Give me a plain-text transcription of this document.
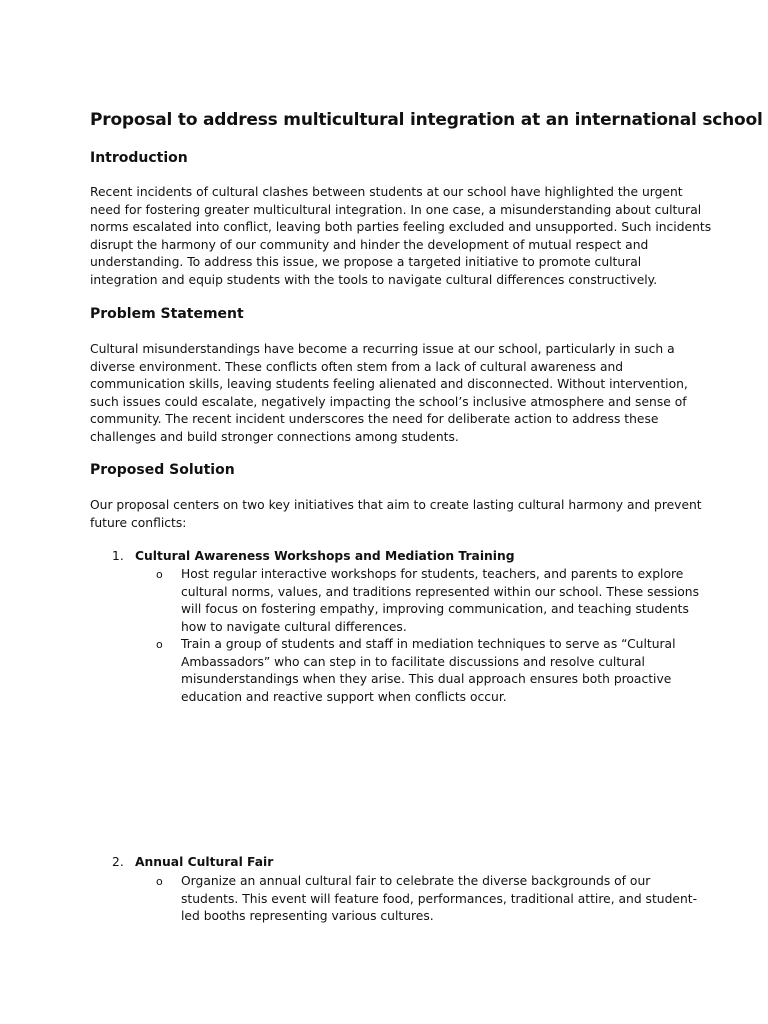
Proposal to address multicultural integration at an international school
Introduction

Recent incidents of cultural clashes between students at our school have highlighted the urgent
need for fostering greater multicultural integration. In one case, a misunderstanding about cultural
norms escalated into conflict, leaving both parties feeling excluded and unsupported. Such incidents
disrupt the harmony of our community and hinder the development of mutual respect and
understanding. To address this issue, we propose a targeted initiative to promote cultural
integration and equip students with the tools to navigate cultural differences constructively.

Problem Statement

Cultural misunderstandings have become a recurring issue at our school, particularly in such a
diverse environment. These conflicts often stem from a lack of cultural awareness and
communication skills, leaving students feeling alienated and disconnected. Without intervention,
such issues could escalate, negatively impacting the school’s inclusive atmosphere and sense of
community. The recent incident underscores the need for deliberate action to address these
challenges and build stronger connections among students.

Proposed Solution

Our proposal centers on two key initiatives that aim to create lasting cultural harmony and prevent
future conflicts:

1. Cultural Awareness Workshops and Mediation Training
o	Host regular interactive workshops for students, teachers, and parents to explore
cultural norms, values, and traditions represented within our school. These sessions
will focus on fostering empathy, improving communication, and teaching students
how to navigate cultural differences.
o	Train a group of students and staff in mediation techniques to serve as “Cultural
Ambassadors” who can step in to facilitate discussions and resolve cultural
misunderstandings when they arise. This dual approach ensures both proactive
education and reactive support when conflicts occur.
2. Annual Cultural Fair
o	Organize an annual cultural fair to celebrate the diverse backgrounds of our
students. This event will feature food, performances, traditional attire, and student-
led booths representing various cultures.
